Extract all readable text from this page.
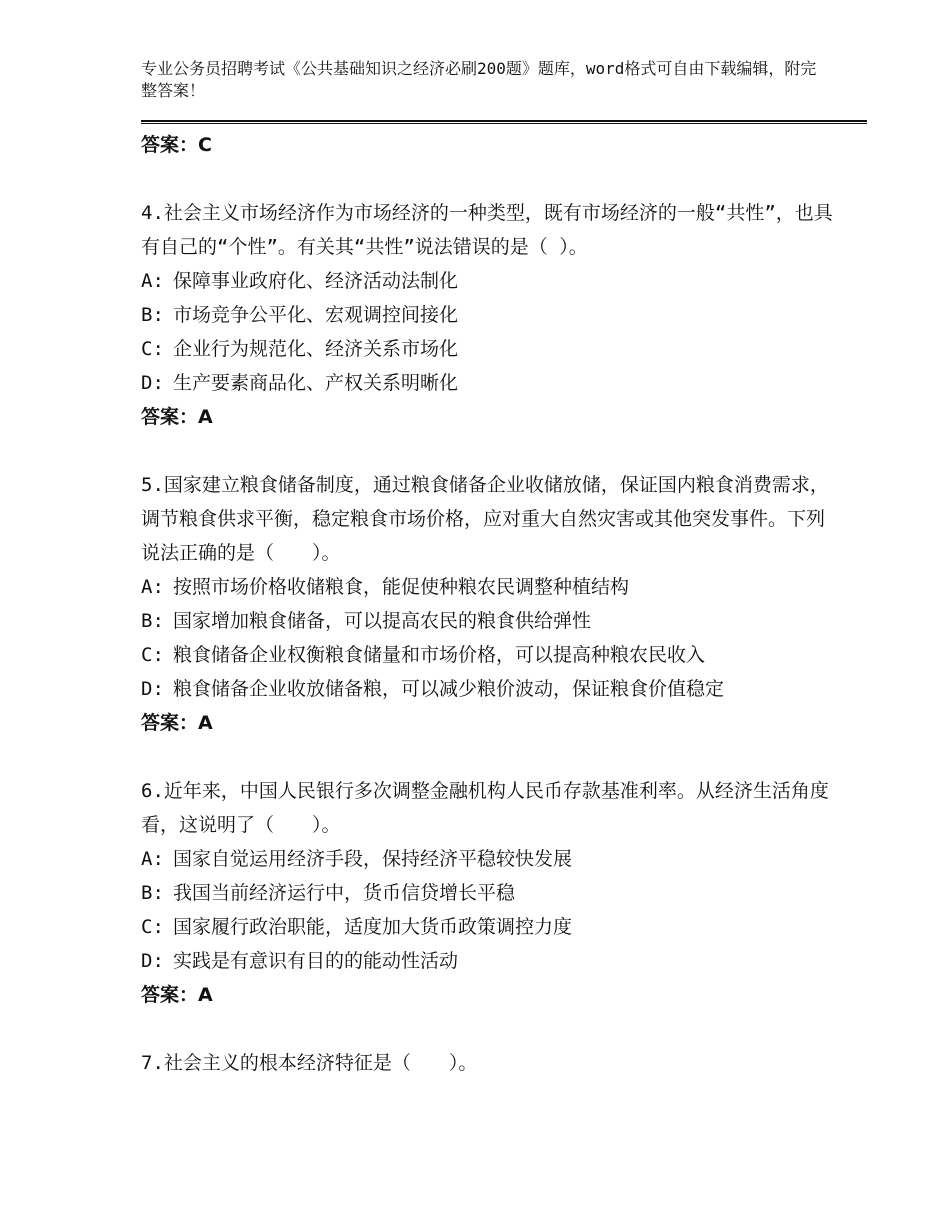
专业公务员招聘考试《公共基础知识之经济必刷200题》题库，word格式可自由下载编辑，附完整答案！
答案：C
4.社会主义市场经济作为市场经济的一种类型，既有市场经济的一般“共性”，也具有自己的“个性”。有关其“共性”说法错误的是（ ）。
A: 保障事业政府化、经济活动法制化
B: 市场竞争公平化、宏观调控间接化
C: 企业行为规范化、经济关系市场化
D: 生产要素商品化、产权关系明晰化
答案：A
5.国家建立粮食储备制度，通过粮食储备企业收储放储，保证国内粮食消费需求，调节粮食供求平衡，稳定粮食市场价格，应对重大自然灾害或其他突发事件。下列说法正确的是（　　）。
A: 按照市场价格收储粮食，能促使种粮农民调整种植结构
B: 国家增加粮食储备，可以提高农民的粮食供给弹性
C: 粮食储备企业权衡粮食储量和市场价格，可以提高种粮农民收入
D: 粮食储备企业收放储备粮，可以减少粮价波动，保证粮食价值稳定
答案：A
6.近年来，中国人民银行多次调整金融机构人民币存款基准利率。从经济生活角度看，这说明了（　　）。
A: 国家自觉运用经济手段，保持经济平稳较快发展
B: 我国当前经济运行中，货币信贷增长平稳
C: 国家履行政治职能，适度加大货币政策调控力度
D: 实践是有意识有目的的能动性活动
答案：A
7.社会主义的根本经济特征是（　　）。
